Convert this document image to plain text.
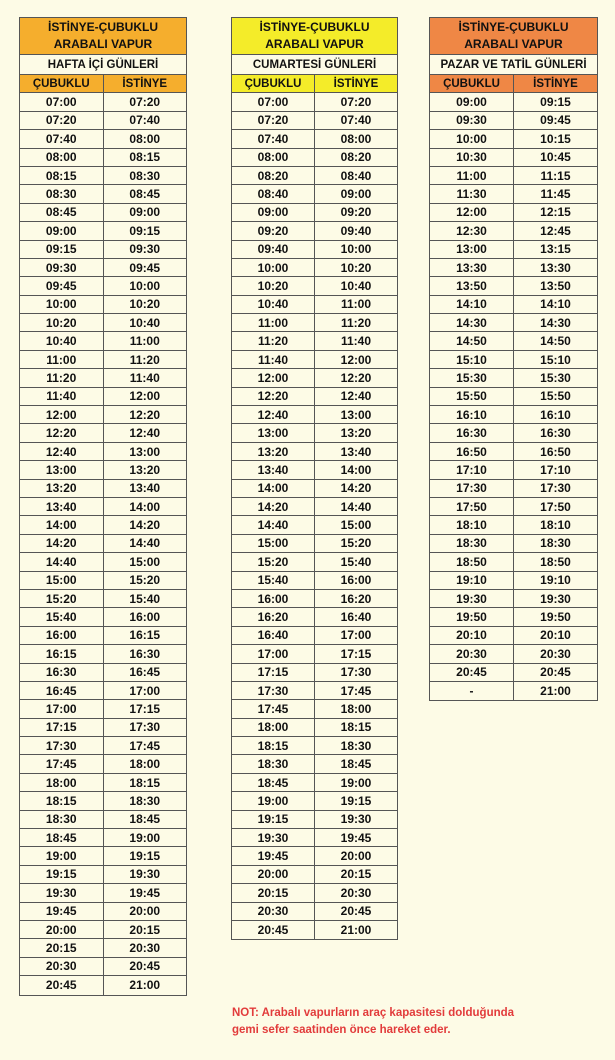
İSTİNYE-ÇUBUKLU
ARABALI VAPUR
HAFTA İÇİ GÜNLERİ
ÇUBUKLU	İSTİNYE
07:00	07:20
07:20	07:40
07:40	08:00
08:00	08:15
08:15	08:30
08:30	08:45
08:45	09:00
09:00	09:15
09:15	09:30
09:30	09:45
09:45	10:00
10:00	10:20
10:20	10:40
10:40	11:00
11:00	11:20
11:20	11:40
11:40	12:00
12:00	12:20
12:20	12:40
12:40	13:00
13:00	13:20
13:20	13:40
13:40	14:00
14:00	14:20
14:20	14:40
14:40	15:00
15:00	15:20
15:20	15:40
15:40	16:00
16:00	16:15
16:15	16:30
16:30	16:45
16:45	17:00
17:00	17:15
17:15	17:30
17:30	17:45
17:45	18:00
18:00	18:15
18:15	18:30
18:30	18:45
18:45	19:00
19:00	19:15
19:15	19:30
19:30	19:45
19:45	20:00
20:00	20:15
20:15	20:30
20:30	20:45
20:45	21:00
İSTİNYE-ÇUBUKLU
ARABALI VAPUR
CUMARTESİ GÜNLERİ
ÇUBUKLU	İSTİNYE
07:00	07:20
07:20	07:40
07:40	08:00
08:00	08:20
08:20	08:40
08:40	09:00
09:00	09:20
09:20	09:40
09:40	10:00
10:00	10:20
10:20	10:40
10:40	11:00
11:00	11:20
11:20	11:40
11:40	12:00
12:00	12:20
12:20	12:40
12:40	13:00
13:00	13:20
13:20	13:40
13:40	14:00
14:00	14:20
14:20	14:40
14:40	15:00
15:00	15:20
15:20	15:40
15:40	16:00
16:00	16:20
16:20	16:40
16:40	17:00
17:00	17:15
17:15	17:30
17:30	17:45
17:45	18:00
18:00	18:15
18:15	18:30
18:30	18:45
18:45	19:00
19:00	19:15
19:15	19:30
19:30	19:45
19:45	20:00
20:00	20:15
20:15	20:30
20:30	20:45
20:45	21:00
İSTİNYE-ÇUBUKLU
ARABALI VAPUR
PAZAR VE TATİL GÜNLERİ
ÇUBUKLU	İSTİNYE
09:00	09:15
09:30	09:45
10:00	10:15
10:30	10:45
11:00	11:15
11:30	11:45
12:00	12:15
12:30	12:45
13:00	13:15
13:30	13:30
13:50	13:50
14:10	14:10
14:30	14:30
14:50	14:50
15:10	15:10
15:30	15:30
15:50	15:50
16:10	16:10
16:30	16:30
16:50	16:50
17:10	17:10
17:30	17:30
17:50	17:50
18:10	18:10
18:30	18:30
18:50	18:50
19:10	19:10
19:30	19:30
19:50	19:50
20:10	20:10
20:30	20:30
20:45	20:45
-	21:00
NOT: Arabalı vapurların araç kapasitesi dolduğunda
gemi sefer saatinden önce hareket eder.
